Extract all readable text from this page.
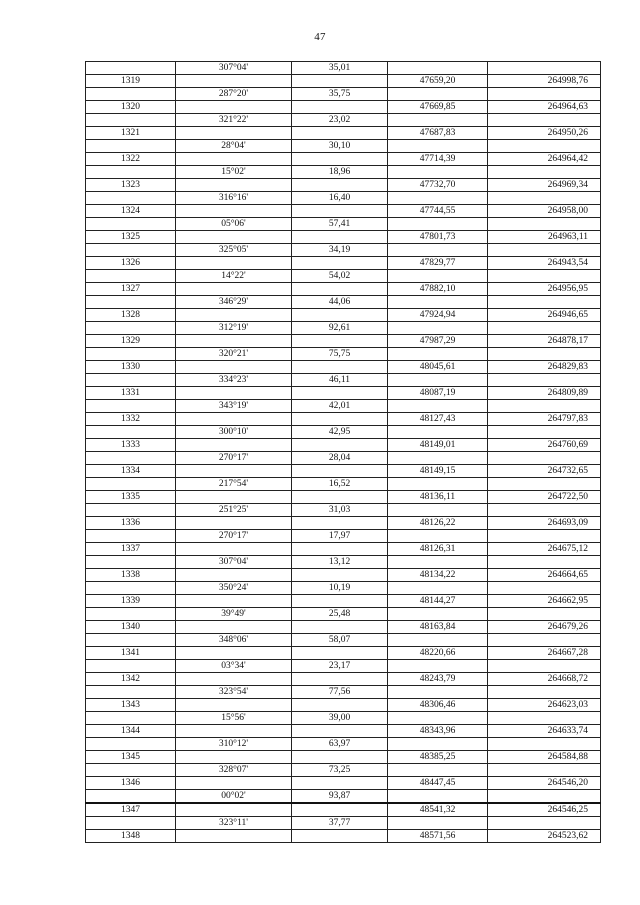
47
	307°04'	35,01		
1319			47659,20	264998,76
	287°20'	35,75		
1320			47669,85	264964,63
	321°22'	23,02		
1321			47687,83	264950,26
	28°04'	30,10		
1322			47714,39	264964,42
	15°02'	18,96		
1323			47732,70	264969,34
	316°16'	16,40		
1324			47744,55	264958,00
	05°06'	57,41		
1325			47801,73	264963,11
	325°05'	34,19		
1326			47829,77	264943,54
	14°22'	54,02		
1327			47882,10	264956,95
	346°29'	44,06		
1328			47924,94	264946,65
	312°19'	92,61		
1329			47987,29	264878,17
	320°21'	75,75		
1330			48045,61	264829,83
	334°23'	46,11		
1331			48087,19	264809,89
	343°19'	42,01		
1332			48127,43	264797,83
	300°10'	42,95		
1333			48149,01	264760,69
	270°17'	28,04		
1334			48149,15	264732,65
	217°54'	16,52		
1335			48136,11	264722,50
	251°25'	31,03		
1336			48126,22	264693,09
	270°17'	17,97		
1337			48126,31	264675,12
	307°04'	13,12		
1338			48134,22	264664,65
	350°24'	10,19		
1339			48144,27	264662,95
	39°49'	25,48		
1340			48163,84	264679,26
	348°06'	58,07		
1341			48220,66	264667,28
	03°34'	23,17		
1342			48243,79	264668,72
	323°54'	77,56		
1343			48306,46	264623,03
	15°56'	39,00		
1344			48343,96	264633,74
	310°12'	63,97		
1345			48385,25	264584,88
	328°07'	73,25		
1346			48447,45	264546,20
	00°02'	93,87		
1347			48541,32	264546,25
	323°11'	37,77		
1348			48571,56	264523,62
